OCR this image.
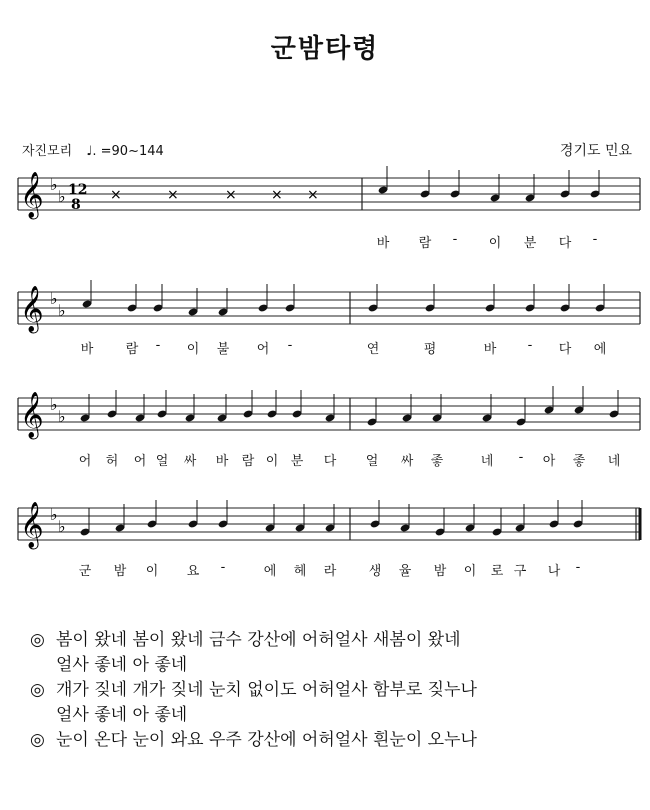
군밤타령
자진모리 ♩. =90~144	경기도 민요
𝄞 ♭
♭
𝄞 ♭
♭
𝄞 ♭
♭
𝄞 ♭
♭
12
8
×	×	× × ×
바 람 - 이 분 다 -
바 람 - 이 불 어 -	연	평	바 - 다 에
어 허 어 얼 싸 바 람 이 분 다 얼 싸 좋	네 - 아 좋 네
군 밤 이 요 -	에 헤 라 생 율 밤 이 로 구 나 -
◎ 봄이 왔네 봄이 왔네 금수 강산에 어허얼사 새봄이 왔네
얼사 좋네 아 좋네
◎ 개가 짖네 개가 짖네 눈치 없이도 어허얼사 함부로 짖누나
얼사 좋네 아 좋네
◎ 눈이 온다 눈이 와요 우주 강산에 어허얼사 흰눈이 오누나
